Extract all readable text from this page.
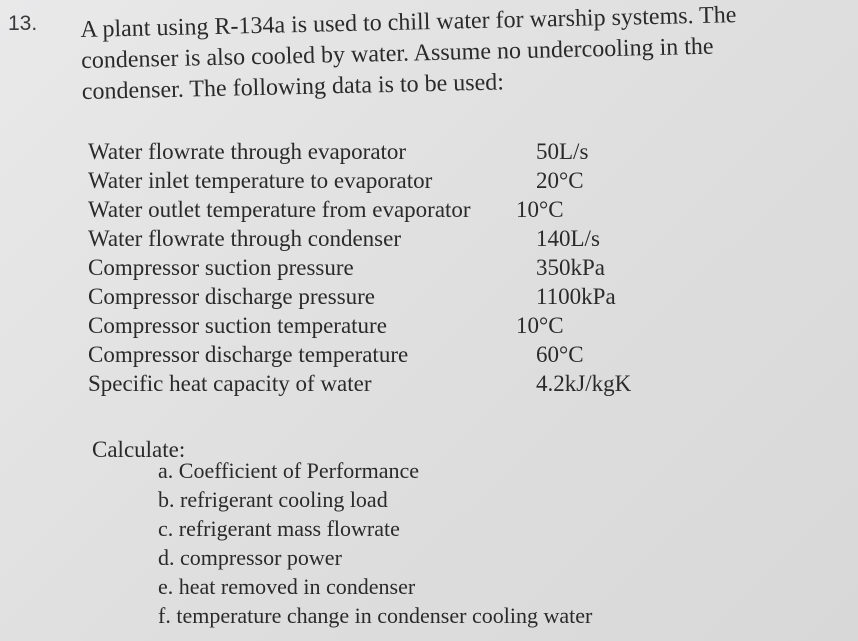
13. A plant using R-134a is used to chill water for warship systems. The
condenser is also cooled by water. Assume no undercooling in the
condenser. The following data is to be used:
Water flowrate through evaporator	50L/s
Water inlet temperature to evaporator	20°C
Water outlet temperature from evaporator 10°C
Water flowrate through condenser	140L/s
Compressor suction pressure	350kPa
Compressor discharge pressure	1100kPa
Compressor suction temperature	10°C
Compressor discharge temperature	60°C
Specific heat capacity of water	4.2kJ/kgK
Calculate:
a. Coefficient of Performance
b. refrigerant cooling load
c. refrigerant mass flowrate
d. compressor power
e. heat removed in condenser
f. temperature change in condenser cooling water
